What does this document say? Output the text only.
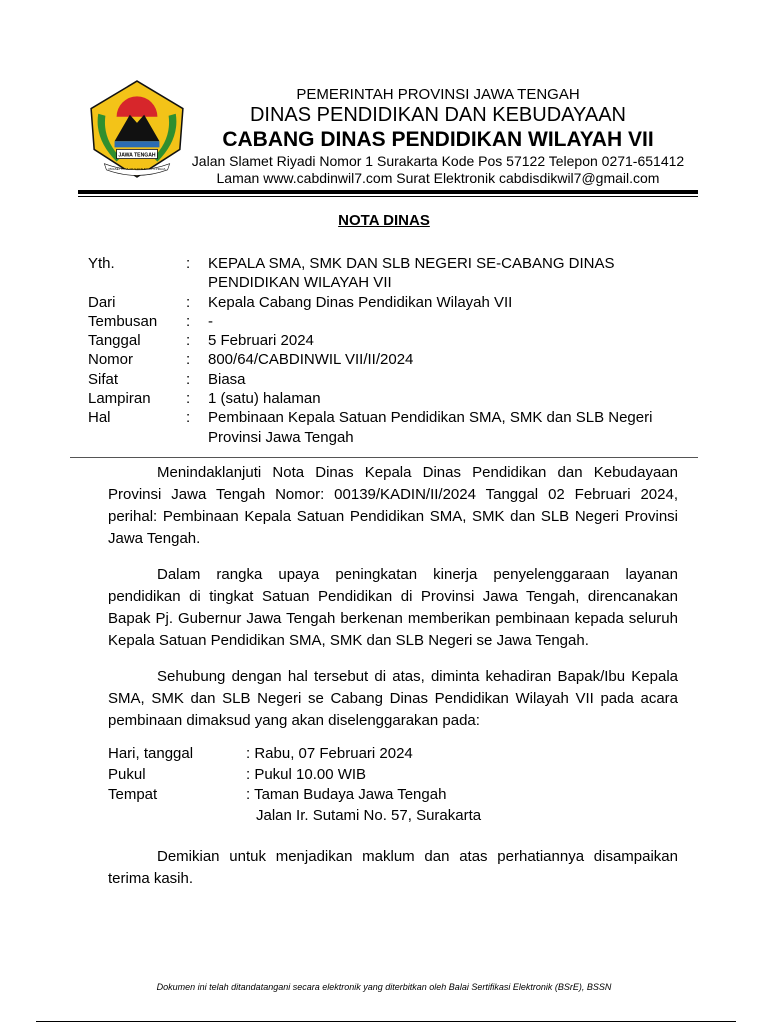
JAWA TENGAH
PRASETYA ULAH SAKTI BHAKTI PRAJA
PEMERINTAH PROVINSI JAWA TENGAH
DINAS PENDIDIKAN DAN KEBUDAYAAN
CABANG DINAS PENDIDIKAN WILAYAH VII
Jalan Slamet Riyadi Nomor 1 Surakarta Kode Pos 57122 Telepon 0271-651412
Laman www.cabdinwil7.com Surat Elektronik cabdisdikwil7@gmail.com
NOTA DINAS
Yth.	:	KEPALA SMA, SMK DAN SLB NEGERI SE-CABANG DINAS
PENDIDIKAN WILAYAH VII
Dari	:	Kepala Cabang Dinas Pendidikan Wilayah VII
Tembusan	:	-
Tanggal	:	5 Februari 2024
Nomor	:	800/64/CABDINWIL VII/II/2024
Sifat	:	Biasa
Lampiran	:	1 (satu) halaman
Hal	:	Pembinaan Kepala Satuan Pendidikan SMA, SMK dan SLB Negeri
Provinsi Jawa Tengah

Menindaklanjuti Nota Dinas Kepala Dinas Pendidikan dan Kebudayaan Provinsi Jawa Tengah Nomor: 00139/KADIN/II/2024 Tanggal 02 Februari 2024, perihal: Pembinaan Kepala Satuan Pendidikan SMA, SMK dan SLB Negeri Provinsi Jawa Tengah.

Dalam rangka upaya peningkatan kinerja penyelenggaraan layanan pendidikan di tingkat Satuan Pendidikan di Provinsi Jawa Tengah, direncanakan Bapak Pj. Gubernur Jawa Tengah berkenan memberikan pembinaan kepada seluruh Kepala Satuan Pendidikan SMA, SMK dan SLB Negeri se Jawa Tengah.

Sehubung dengan hal tersebut di atas, diminta kehadiran Bapak/Ibu Kepala SMA, SMK dan SLB Negeri se Cabang Dinas Pendidikan Wilayah VII pada acara pembinaan dimaksud yang akan diselenggarakan pada:

Hari, tanggal	: Rabu, 07 Februari 2024
Pukul	: Pukul 10.00 WIB
Tempat	: Taman Budaya Jawa Tengah
Jalan Ir. Sutami No. 57, Surakarta

Demikian untuk menjadikan maklum dan atas perhatiannya disampaikan terima kasih.

Dokumen ini telah ditandatangani secara elektronik yang diterbitkan oleh Balai Sertifikasi Elektronik (BSrE), BSSN
